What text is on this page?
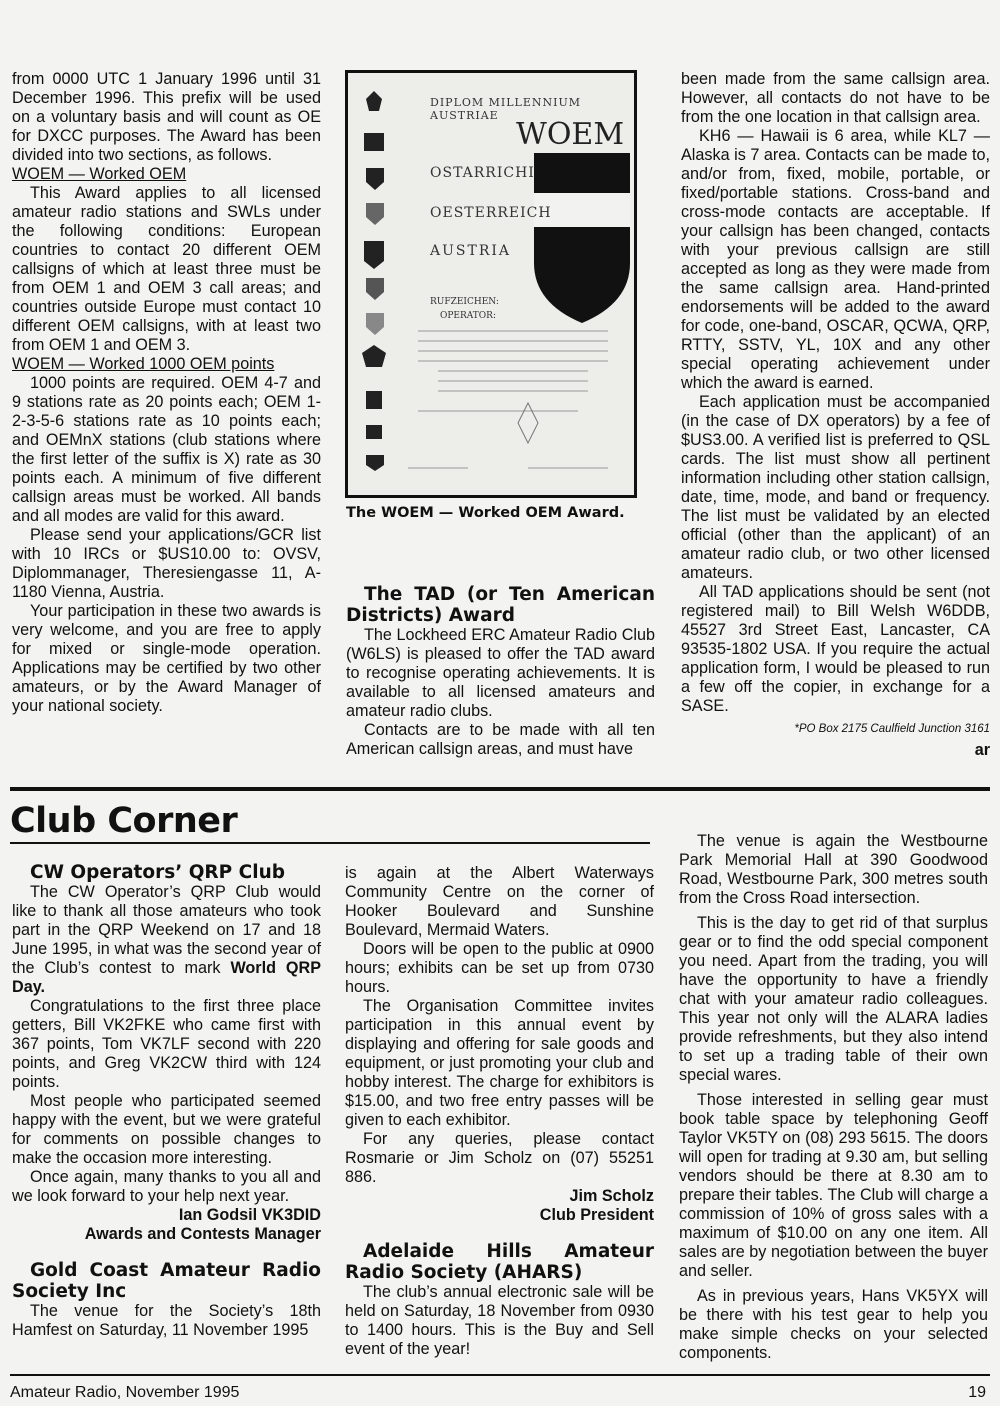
from 0000 UTC 1 January 1996 until 31 December 1996. This prefix will be used on a voluntary basis and will count as OE for DXCC purposes. The Award has been divided into two sections, as follows.

WOEM — Worked OEM

This Award applies to all licensed amateur radio stations and SWLs under the following conditions: European countries to contact 20 different OEM callsigns of which at least three must be from OEM 1 and OEM 3 call areas; and countries outside Europe must contact 10 different OEM callsigns, with at least two from OEM 1 and OEM 3.

WOEM — Worked 1000 OEM points

1000 points are required. OEM 4-7 and 9 stations rate as 20 points each; OEM 1-2-3-5-6 stations rate as 10 points each; and OEMnX stations (club stations where the first letter of the suffix is X) rate as 30 points each. A minimum of five different callsign areas must be worked. All bands and all modes are valid for this award.

Please send your applications/GCR list with 10 IRCs or $US10.00 to: OVSV, Diplommanager, Theresiengasse 11, A-1180 Vienna, Austria.

Your participation in these two awards is very welcome, and you are free to apply for mixed or single-mode operation. Applications may be certified by two other amateurs, or by the Award Manager of your national society.

DIPLOM MILLENNIUM AUSTRIAE
WOEM
OSTARRICHI
OESTERREICH
AUSTRIA
RUFZEICHEN:
OPERATOR:
The WOEM — Worked OEM Award.

The TAD (or Ten American Districts) Award

The Lockheed ERC Amateur Radio Club (W6LS) is pleased to offer the TAD award to recognise operating achievements. It is available to all licensed amateurs and amateur radio clubs.

Contacts are to be made with all ten American callsign areas, and must have

been made from the same callsign area. However, all contacts do not have to be from the one location in that callsign area.

KH6 — Hawaii is 6 area, while KL7 — Alaska is 7 area. Contacts can be made to, and/or from, fixed, mobile, portable, or fixed/portable stations. Cross-band and cross-mode contacts are acceptable. If your callsign has been changed, contacts with your previous callsign are still accepted as long as they were made from the same callsign area. Hand-printed endorsements will be added to the award for code, one-band, OSCAR, QCWA, QRP, RTTY, SSTV, YL, 10X and any other special operating achievement under which the award is earned.

Each application must be accompanied (in the case of DX operators) by a fee of $US3.00. A verified list is preferred to QSL cards. The list must show all pertinent information including other station callsign, date, time, mode, and band or frequency. The list must be validated by an elected official (other than the applicant) of an amateur radio club, or two other licensed amateurs.

All TAD applications should be sent (not registered mail) to Bill Welsh W6DDB, 45527 3rd Street East, Lancaster, CA 93535-1802 USA. If you require the actual application form, I would be pleased to run a few off the copier, in exchange for a SASE.

*PO Box 2175 Caulfield Junction 3161

ar

Club Corner

CW Operators’ QRP Club

The CW Operator’s QRP Club would like to thank all those amateurs who took part in the QRP Weekend on 17 and 18 June 1995, in what was the second year of the Club’s contest to mark World QRP Day.

Congratulations to the first three place getters, Bill VK2FKE who came first with 367 points, Tom VK7LF second with 220 points, and Greg VK2CW third with 124 points.

Most people who participated seemed happy with the event, but we were grateful for comments on possible changes to make the occasion more interesting.

Once again, many thanks to you all and we look forward to your help next year.

Ian Godsil VK3DID

Awards and Contests Manager

Gold Coast Amateur Radio Society Inc

The venue for the Society’s 18th Hamfest on Saturday, 11 November 1995

is again at the Albert Waterways Community Centre on the corner of Hooker Boulevard and Sunshine Boulevard, Mermaid Waters.

Doors will be open to the public at 0900 hours; exhibits can be set up from 0730 hours.

The Organisation Committee invites participation in this annual event by displaying and offering for sale goods and equipment, or just promoting your club and hobby interest. The charge for exhibitors is $15.00, and two free entry passes will be given to each exhibitor.

For any queries, please contact Rosmarie or Jim Scholz on (07) 55251 886.

Jim Scholz

Club President

Adelaide Hills Amateur Radio Society (AHARS)

The club’s annual electronic sale will be held on Saturday, 18 November from 0930 to 1400 hours. This is the Buy and Sell event of the year!

The venue is again the Westbourne Park Memorial Hall at 390 Goodwood Road, Westbourne Park, 300 metres south from the Cross Road intersection.

This is the day to get rid of that surplus gear or to find the odd special component you need. Apart from the trading, you will have the opportunity to have a friendly chat with your amateur radio colleagues. This year not only will the ALARA ladies provide refreshments, but they also intend to set up a trading table of their own special wares.

Those interested in selling gear must book table space by telephoning Geoff Taylor VK5TY on (08) 293 5615. The doors will open for trading at 9.30 am, but selling vendors should be there at 8.30 am to prepare their tables. The Club will charge a commission of 10% of gross sales with a maximum of $10.00 on any one item. All sales are by negotiation between the buyer and seller.

As in previous years, Hans VK5YX will be there with his test gear to help you make simple checks on your selected components.

Amateur Radio, November 1995	19
